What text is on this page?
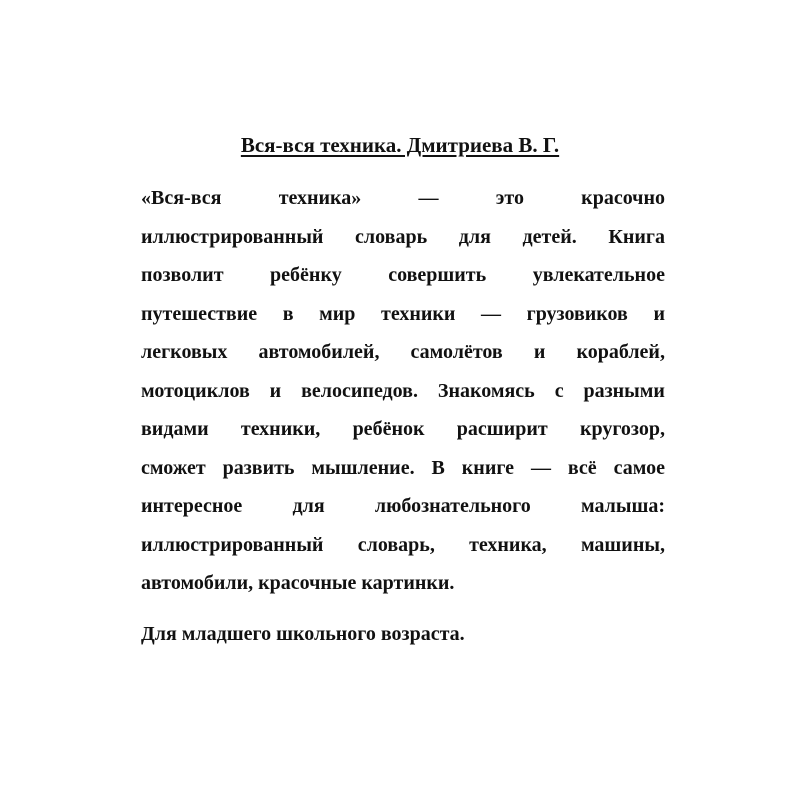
Вся-вся техника. Дмитриева В. Г.
«Вся-вся	техника»	—	это	красочно
иллюстрированный словарь для детей. Книга
позволит ребёнку совершить увлекательное
путешествие в мир техники — грузовиков и
легковых автомобилей, самолётов и кораблей,
мотоциклов и велосипедов. Знакомясь с разными
видами техники, ребёнок расширит кругозор,
сможет развить мышление. В книге — всё самое
интересное	для	любознательного	малыша:
иллюстрированный словарь, техника, машины,
автомобили, красочные картинки.
Для младшего школьного возраста.
